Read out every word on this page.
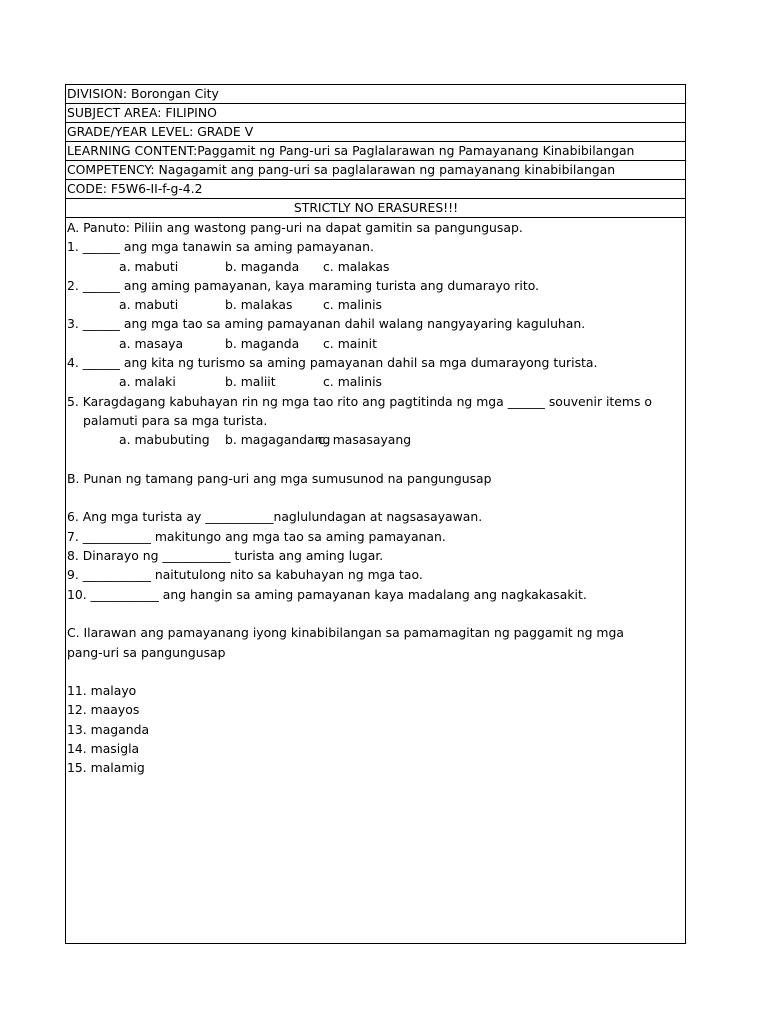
DIVISION: Borongan City
SUBJECT AREA: FILIPINO
GRADE/YEAR LEVEL: GRADE V
LEARNING CONTENT:Paggamit ng Pang-uri sa Paglalarawan ng Pamayanang Kinabibilangan
COMPETENCY: Nagagamit ang pang-uri sa paglalarawan ng pamayanang kinabibilangan
CODE: F5W6-II-f-g-4.2
STRICTLY NO ERASURES!!!
A. Panuto: Piliin ang wastong pang-uri na dapat gamitin sa pangungusap.
1. ______ ang mga tanawin sa aming pamayanan.
a. mabuti	b. maganda c. malakas
2. ______ ang aming pamayanan, kaya maraming turista ang dumarayo rito.
a. mabuti	b. malakas c. malinis
3. ______ ang mga tao sa aming pamayanan dahil walang nangyayaring kaguluhan.
a. masaya	b. maganda c. mainit
4. ______ ang kita ng turismo sa aming pamayanan dahil sa mga dumarayong turista.
a. malaki	b. maliit	c. malinis
5. Karagdagang kabuhayan rin ng mga tao rito ang pagtitinda ng mga ______ souvenir items o
palamuti para sa mga turista.
a. mabubuting b. magagandang
c. masasayang
B. Punan ng tamang pang-uri ang mga sumusunod na pangungusap
6. Ang mga turista ay ___________naglulundagan at nagsasayawan.
7. ___________ makitungo ang mga tao sa aming pamayanan.
8. Dinarayo ng ___________ turista ang aming lugar.
9. ___________ naitutulong nito sa kabuhayan ng mga tao.
10. ___________ ang hangin sa aming pamayanan kaya madalang ang nagkakasakit.
C. Ilarawan ang pamayanang iyong kinabibilangan sa pamamagitan ng paggamit ng mga
pang-uri sa pangungusap
11. malayo
12. maayos
13. maganda
14. masigla
15. malamig
